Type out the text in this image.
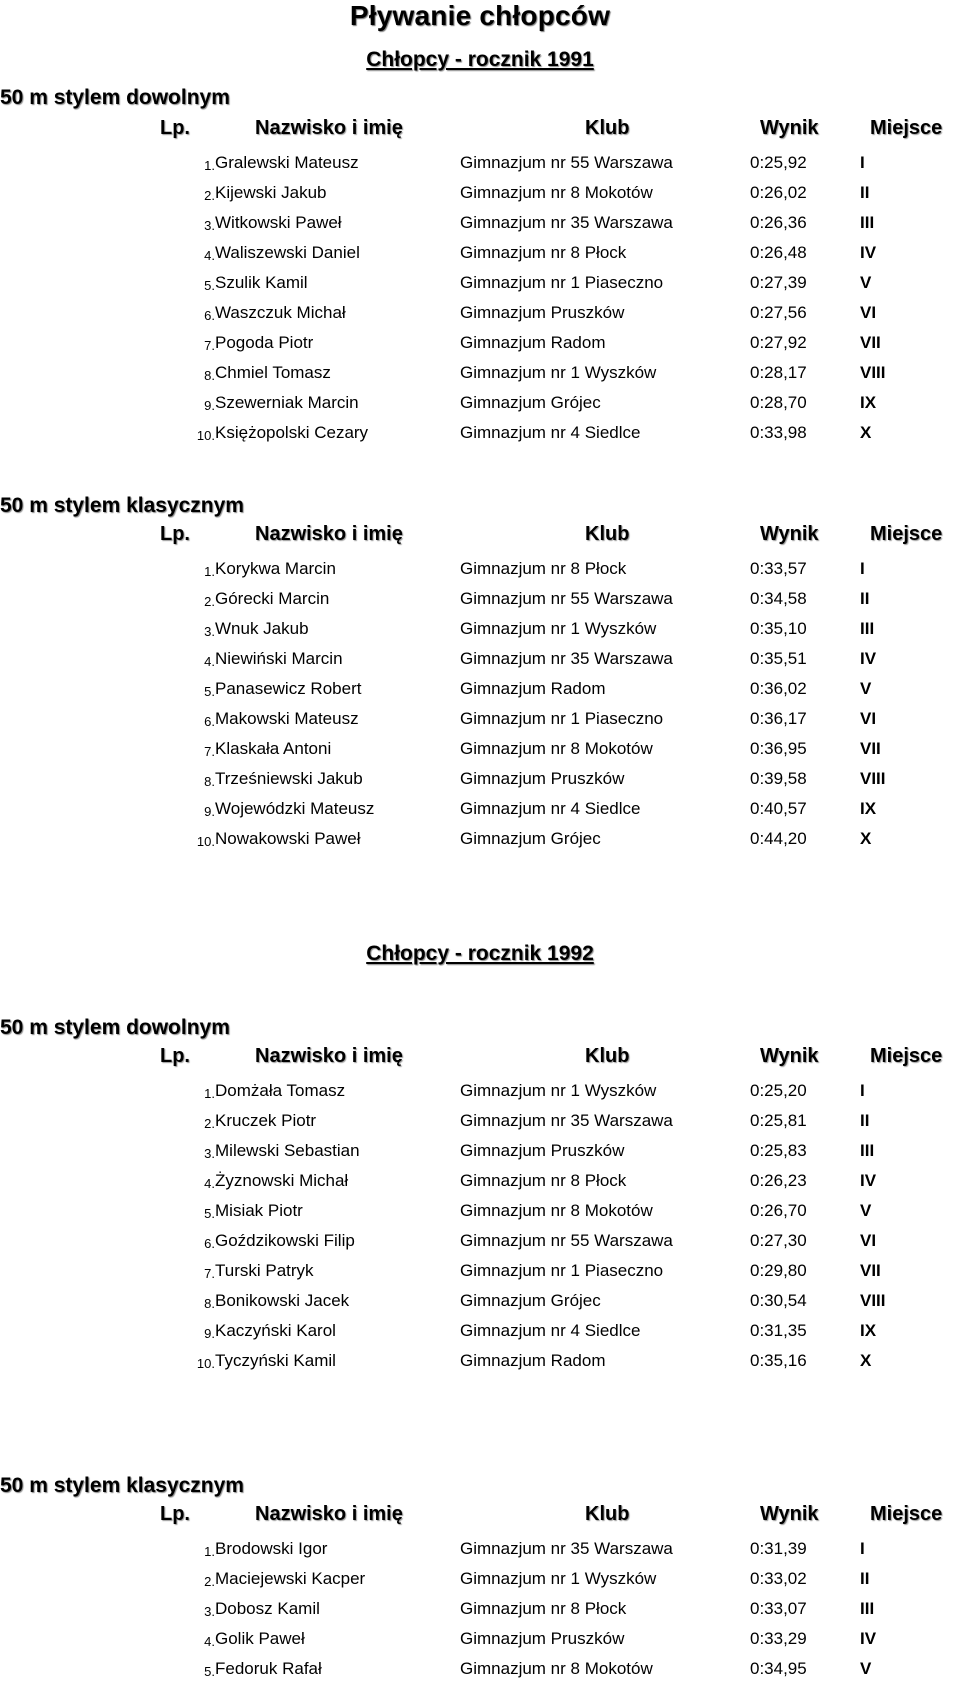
Pływanie chłopców
Chłopcy - rocznik 1991
50 m stylem dowolnym
Lp.	Nazwisko i imię	Klub	Wynik	Miejsce
1.	Gralewski Mateusz	Gimnazjum nr 55 Warszawa	0:25,92	I
2.	Kijewski Jakub	Gimnazjum nr 8 Mokotów	0:26,02	II
3.	Witkowski Paweł	Gimnazjum nr 35 Warszawa	0:26,36	III
4.	Waliszewski Daniel	Gimnazjum nr 8 Płock	0:26,48	IV
5.	Szulik Kamil	Gimnazjum nr 1 Piaseczno	0:27,39	V
6.	Waszczuk Michał	Gimnazjum Pruszków	0:27,56	VI
7.	Pogoda Piotr	Gimnazjum Radom	0:27,92	VII
8.	Chmiel Tomasz	Gimnazjum nr 1 Wyszków	0:28,17	VIII
9.	Szewerniak Marcin	Gimnazjum Grójec	0:28,70	IX
10.	Księżopolski Cezary	Gimnazjum nr 4 Siedlce	0:33,98	X
50 m stylem klasycznym
Lp.	Nazwisko i imię	Klub	Wynik	Miejsce
1.	Korykwa Marcin	Gimnazjum nr 8 Płock	0:33,57	I
2.	Górecki Marcin	Gimnazjum nr 55 Warszawa	0:34,58	II
3.	Wnuk Jakub	Gimnazjum nr 1 Wyszków	0:35,10	III
4.	Niewiński Marcin	Gimnazjum nr 35 Warszawa	0:35,51	IV
5.	Panasewicz Robert	Gimnazjum Radom	0:36,02	V
6.	Makowski Mateusz	Gimnazjum nr 1 Piaseczno	0:36,17	VI
7.	Klaskała Antoni	Gimnazjum nr 8 Mokotów	0:36,95	VII
8.	Trześniewski Jakub	Gimnazjum Pruszków	0:39,58	VIII
9.	Wojewódzki Mateusz	Gimnazjum nr 4 Siedlce	0:40,57	IX
10.	Nowakowski Paweł	Gimnazjum Grójec	0:44,20	X
Chłopcy - rocznik 1992
50 m stylem dowolnym
Lp.	Nazwisko i imię	Klub	Wynik	Miejsce
1.	Domżała Tomasz	Gimnazjum nr 1 Wyszków	0:25,20	I
2.	Kruczek Piotr	Gimnazjum nr 35 Warszawa	0:25,81	II
3.	Milewski Sebastian	Gimnazjum Pruszków	0:25,83	III
4.	Żyznowski Michał	Gimnazjum nr 8 Płock	0:26,23	IV
5.	Misiak Piotr	Gimnazjum nr 8 Mokotów	0:26,70	V
6.	Goździkowski Filip	Gimnazjum nr 55 Warszawa	0:27,30	VI
7.	Turski Patryk	Gimnazjum nr 1 Piaseczno	0:29,80	VII
8.	Bonikowski Jacek	Gimnazjum Grójec	0:30,54	VIII
9.	Kaczyński Karol	Gimnazjum nr 4 Siedlce	0:31,35	IX
10.	Tyczyński Kamil	Gimnazjum Radom	0:35,16	X
50 m stylem klasycznym
Lp.	Nazwisko i imię	Klub	Wynik	Miejsce
1.	Brodowski Igor	Gimnazjum nr 35 Warszawa	0:31,39	I
2.	Maciejewski Kacper	Gimnazjum nr 1 Wyszków	0:33,02	II
3.	Dobosz Kamil	Gimnazjum nr 8 Płock	0:33,07	III
4.	Golik Paweł	Gimnazjum Pruszków	0:33,29	IV
5.	Fedoruk Rafał	Gimnazjum nr 8 Mokotów	0:34,95	V
